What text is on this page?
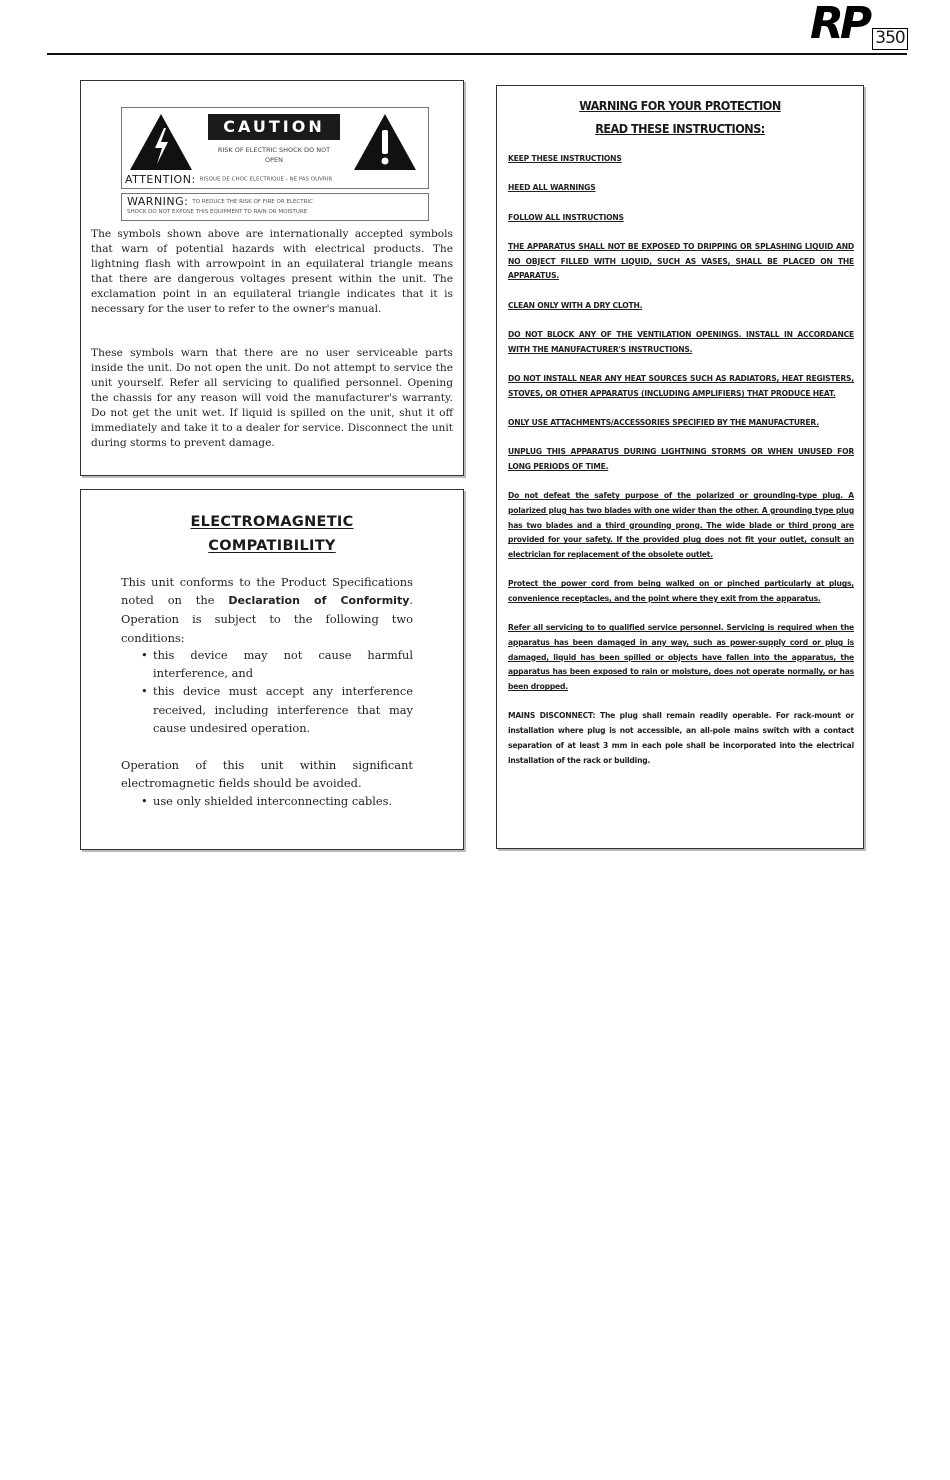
RP 350
CAUTION
RISK OF ELECTRIC SHOCK DO NOT OPEN
ATTENTION: RISQUE DE CHOC ELECTRIQUE - NE PAS OUVRIR
WARNING: TO REDUCE THE RISK OF FIRE OR ELECTRIC
SHOCK DO NOT EXPOSE THIS EQUIPMENT TO RAIN OR MOISTURE

The symbols shown above are internationally accepted symbols that warn of potential hazards with electrical products. The lightning flash with arrowpoint in an equilateral triangle means that there are dangerous voltages present within the unit. The exclamation point in an equilateral triangle indicates that it is necessary for the user to refer to the owner's manual.

These symbols warn that there are no user serviceable parts inside the unit. Do not open the unit. Do not attempt to service the unit yourself. Refer all servicing to qualified personnel. Opening the chassis for any reason will void the manufacturer's warranty. Do not get the unit wet. If liquid is spilled on the unit, shut it off immediately and take it to a dealer for service. Disconnect the unit during storms to prevent damage.

ELECTROMAGNETIC
COMPATIBILITY

This unit conforms to the Product Specifications noted on the Declaration of Conformity. Operation is subject to the following two conditions:

• this device may not cause harmful interference, and
• this device must accept any interference received, including interference that may cause undesired operation.

Operation of this unit within significant electromagnetic fields should be avoided.

• use only shielded interconnecting cables.
WARNING FOR YOUR PROTECTION
READ THESE INSTRUCTIONS:

KEEP THESE INSTRUCTIONS

HEED ALL WARNINGS

FOLLOW ALL INSTRUCTIONS

THE APPARATUS SHALL NOT BE EXPOSED TO DRIPPING OR SPLASHING LIQUID AND NO OBJECT FILLED WITH LIQUID, SUCH AS VASES, SHALL BE PLACED ON THE APPARATUS.

CLEAN ONLY WITH A DRY CLOTH.

DO NOT BLOCK ANY OF THE VENTILATION OPENINGS. INSTALL IN ACCORDANCE WITH THE MANUFACTURER'S INSTRUCTIONS.

DO NOT INSTALL NEAR ANY HEAT SOURCES SUCH AS RADIATORS, HEAT REGISTERS, STOVES, OR OTHER APPARATUS (INCLUDING AMPLIFIERS) THAT PRODUCE HEAT.

ONLY USE ATTACHMENTS/ACCESSORIES SPECIFIED BY THE MANUFACTURER.

UNPLUG THIS APPARATUS DURING LIGHTNING STORMS OR WHEN UNUSED FOR LONG PERIODS OF TIME.

Do not defeat the safety purpose of the polarized or grounding-type plug. A polarized plug has two blades with one wider than the other. A grounding type plug has two blades and a third grounding prong. The wide blade or third prong are provided for your safety. If the provided plug does not fit your outlet, consult an electrician for replacement of the obsolete outlet.

Protect the power cord from being walked on or pinched particularly at plugs, convenience receptacles, and the point where they exit from the apparatus.

Refer all servicing to to qualified service personnel. Servicing is required when the apparatus has been damaged in any way, such as power-supply cord or plug is damaged, liquid has been spilled or objects have fallen into the apparatus, the apparatus has been exposed to rain or moisture, does not operate normally, or has been dropped.

MAINS DISCONNECT: The plug shall remain readily operable. For rack-mount or installation where plug is not accessible, an all-pole mains switch with a contact separation of at least 3 mm in each pole shall be incorporated into the electrical installation of the rack or building.
